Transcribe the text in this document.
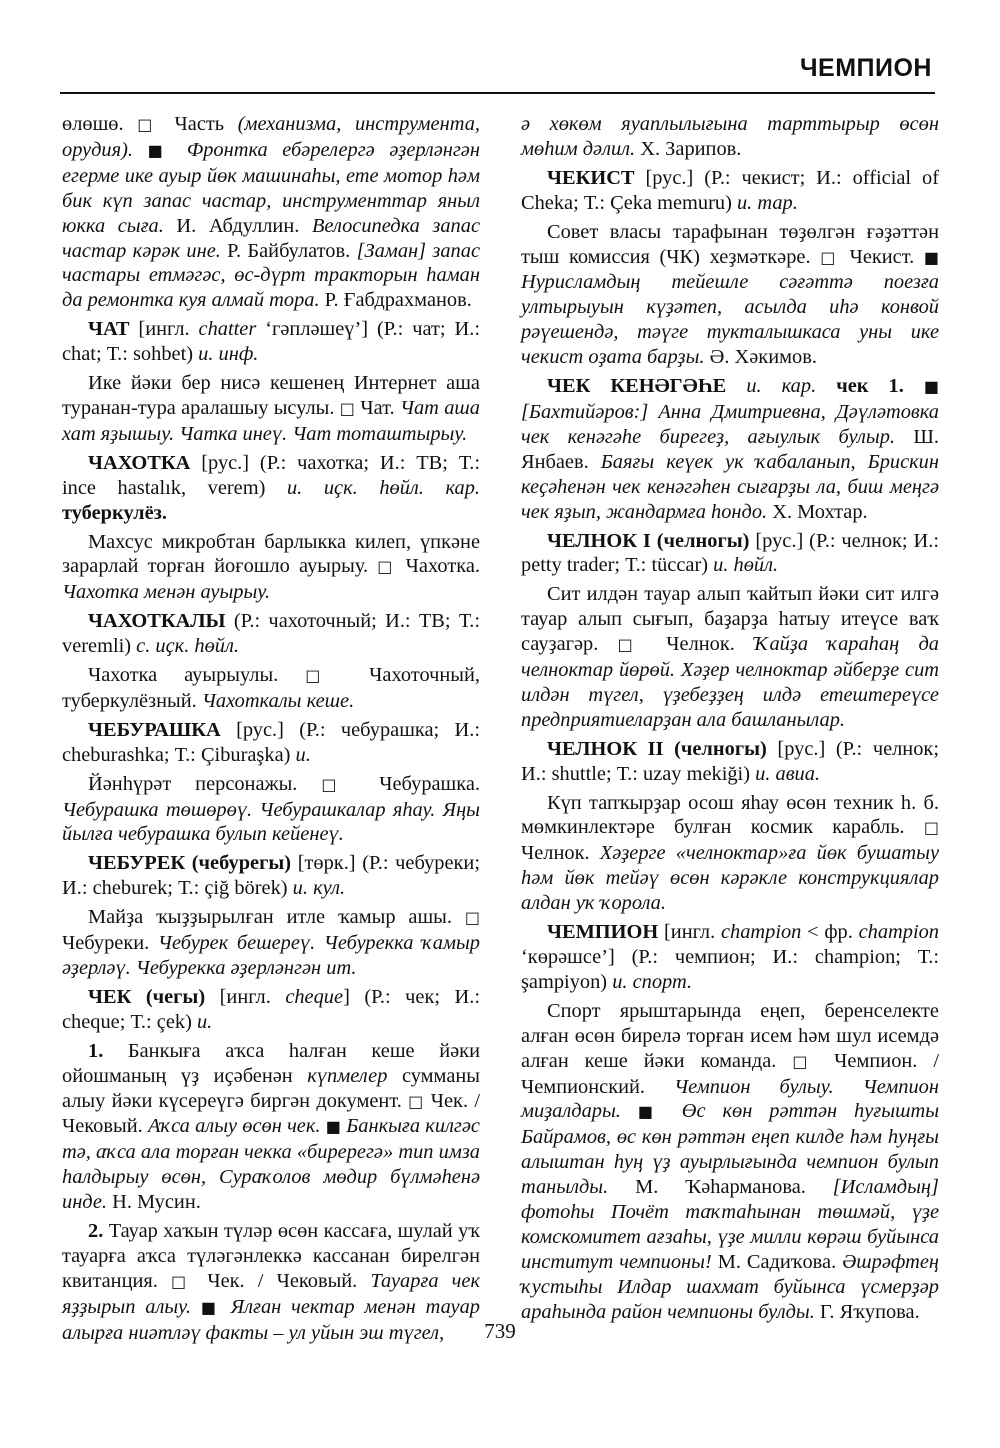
ЧЕМПИОН

өлөшө. □ Часть (механизма, инструмента, орудия). ■ Фронтка ебәрелергә әҙерләнгән егерме ике ауыр йөк машинаһы, ете мотор һәм бик күп запас частар, инструменттар яныл юкка сыға. И. Абдуллин. Велосипедка запас частар кәрәк ине. Р. Байбулатов. [Заман] запас частары етмәгәс, өс-дүрт тракторын һаман да ремонтка куя алмай тора. Р. Ғабдрахманов.

ЧАТ [ингл. chatter ‘гәпләшеү’] (Р.: чат; И.: chat; Т.: sohbet) и. инф.

Ике йәки бер нисә кешенең Интернет аша туранан-тура аралашыу ысулы. □ Чат. Чат аша хат яҙышыу. Чатка инеү. Чат тоташтырыу.

ЧАХОТКА [рус.] (Р.: чахотка; И.: ТВ; Т.: ince hastalık, verem) и. иҫк. һөйл. кар. туберкулёз.

Махсус микробтан барлыкка килеп, үпкәне зарарлай торған йоғошло ауырыу. □ Чахотка. Чахотка менән ауырыу.

ЧАХОТКАЛЫ (Р.: чахоточный; И.: ТВ; Т.: veremli) с. иҫк. һөйл.

Чахотка ауырыулы. □ Чахоточный, туберкулёзный. Чахоткалы кеше.

ЧЕБУРАШКА [рус.] (Р.: чебурашка; И.: cheburashka; Т.: Çiburaşka) и.

Йәнһүрәт персонажы. □ Чебурашка. Чебурашка төшөрөү. Чебурашкалар яһау. Яңы йылға чебурашка булып кейенеү.

ЧЕБУРЕК (чебурегы) [төрк.] (Р.: чебуреки; И.: cheburek; Т.: çiğ börek) и. кул.

Майҙа ҡыҙҙырылған итле ҡамыр ашы. □ Чебуреки. Чебурек бешереү. Чебурекка ҡамыр әҙерләү. Чебурекка әҙерләнгән ит.

ЧЕК (чегы) [ингл. cheque] (Р.: чек; И.: cheque; Т.: çek) и.

1. Банкыға аҡса һалған кеше йәки ойошманың үҙ иҫәбенән күпмелер сумманы алыу йәки күсереүгә биргән документ. □ Чек. / Чековый. Аҡса алыу өсөн чек. ■ Банкыға килгәс тә, аҡса ала торған чекка «биререгә» тип имза һалдырыу өсөн, Сураҡолов мөдир бүлмәһенә инде. Н. Мусин.

2. Тауар хаҡын түләр өсөн кассаға, шулай уҡ тауарға аҡса түләгәнлеккә кассанан бирелгән квитанция. □ Чек. / Чековый. Тауарға чек яҙҙырып алыу. ■ Ялған чектар менән тауар алырға ниәтләү факты – ул уйын эш түгел,

ә хөкөм яуаплылығына тарттырыр өсөн мөһим дәлил. Х. Зарипов.

ЧЕКИСТ [рус.] (Р.: чекист; И.: official of Cheka; Т.: Çeka memuru) и. тар.

Совет власы тарафынан төҙөлгән ғәҙәттән тыш комиссия (ЧК) хеҙмәткәре. □ Чекист. ■ Нурисламдың тейешле сәғәттә поезға ултырыуын күҙәтеп, асылда иһә конвой рәүешендә, тәүге тукталышкаса уны ике чекист оҙата барҙы. Ә. Хәкимов.

ЧЕК КЕНӘГӘҺЕ и. кар. чек 1. ■ [Бахтийәров:] Анна Дмитриевна, Дәүләтовка чек кенәгәһе бирегеҙ, ағыулык булыр. Ш. Янбаев. Баяғы кеүек ук ҡабаланып, Брискин кеҫәһенән чек кенәгәһен сығарҙы ла, биш меңгә чек яҙып, жандармға һондо. Х. Мохтар.

ЧЕЛНОК I (челногы) [рус.] (Р.: челнок; И.: petty trader; Т.: tüccar) и. һөйл.

Сит илдән тауар алып ҡайтып йәки сит илгә тауар алып сығып, баҙарҙа һатыу итеүсе ваҡ сауҙагәр. □ Челнок. Ҡайҙа ҡараһаң да челноктар йөрөй. Хәҙер челноктар әйберҙе сит илдән түгел, үҙебеҙҙең илдә етештереүсе предприятиеларҙан ала башланылар.

ЧЕЛНОК II (челногы) [рус.] (Р.: челнок; И.: shuttle; Т.: uzay mekiği) и. авиа.

Күп тапҡырҙар осош яһау өсөн техник һ. б. мөмкинлектәре булған космик карабль. □ Челнок. Хәҙерге «челноктар»ға йөк бушатыу һәм йөк тейәү өсөн кәрәкле конструкциялар алдан уҡ ҡорола.

ЧЕМПИОН [ингл. champion < фр. champion ‘көрәшсе’] (Р.: чемпион; И.: champion; Т.: şampiyon) и. спорт.

Спорт ярыштарында еңеп, беренселекте алған өсөн бирелә торған исем һәм шул исемдә алған кеше йәки команда. □ Чемпион. / Чемпионский. Чемпион булыу. Чемпион миҙалдары. ■ Өс көн рәттән һуғышты Байрамов, өс көн рәттән еңеп килде һәм һуңғы алыштан һуң үҙ ауырлығында чемпион булып танылды. М. Ҡәһарманова. [Исламдың] фотоһы Почёт таҡтаһынан төшмәй, үҙе комскомитет ағзаһы, үҙе милли көрәш буйынса институт чемпионы! М. Садиҡова. Әшрәфтең ҡустыһы Илдар шахмат буйынса үсмерҙәр араһында район чемпионы булды. Г. Яҡупова.

739
